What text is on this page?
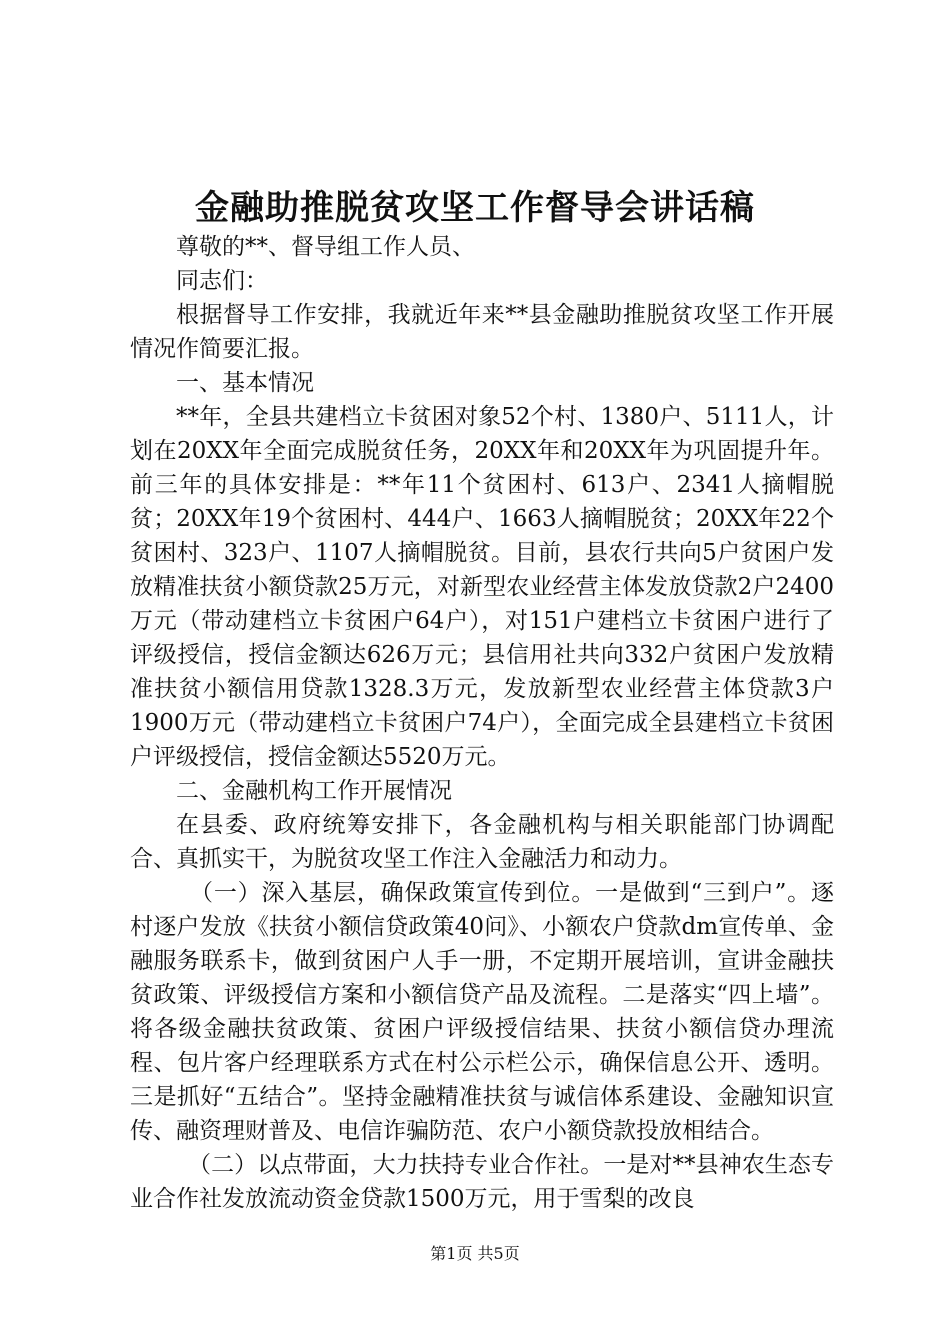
金融助推脱贫攻坚工作督导会讲话稿

尊敬的**、督导组工作人员、

同志们：

根据督导工作安排，我就近年来**县金融助推脱贫攻坚工作开展情况作简要汇报。

一、基本情况

**年，全县共建档立卡贫困对象52个村、1380户、5111人，计划在20XX年全面完成脱贫任务，20XX年和20XX年为巩固提升年。前三年的具体安排是：**年11个贫困村、613户、2341人摘帽脱贫；20XX年19个贫困村、444户、1663人摘帽脱贫；20XX年22个贫困村、323户、1107人摘帽脱贫。目前，县农行共向5户贫困户发放精准扶贫小额贷款25万元，对新型农业经营主体发放贷款2户2400万元（带动建档立卡贫困户64户），对151户建档立卡贫困户进行了评级授信，授信金额达626万元；县信用社共向332户贫困户发放精准扶贫小额信用贷款1328.3万元，发放新型农业经营主体贷款3户1900万元（带动建档立卡贫困户74户），全面完成全县建档立卡贫困户评级授信，授信金额达5520万元。

二、金融机构工作开展情况

在县委、政府统筹安排下，各金融机构与相关职能部门协调配合、真抓实干，为脱贫攻坚工作注入金融活力和动力。

（一）深入基层，确保政策宣传到位。一是做到“三到户”。逐村逐户发放《扶贫小额信贷政策40问》、小额农户贷款dm宣传单、金融服务联系卡，做到贫困户人手一册，不定期开展培训，宣讲金融扶贫政策、评级授信方案和小额信贷产品及流程。二是落实“四上墙”。将各级金融扶贫政策、贫困户评级授信结果、扶贫小额信贷办理流程、包片客户经理联系方式在村公示栏公示，确保信息公开、透明。三是抓好“五结合”。坚持金融精准扶贫与诚信体系建设、金融知识宣传、融资理财普及、电信诈骗防范、农户小额贷款投放相结合。

（二）以点带面，大力扶持专业合作社。一是对**县神农生态专业合作社发放流动资金贷款1500万元，用于雪梨的改良

第1页 共5页
